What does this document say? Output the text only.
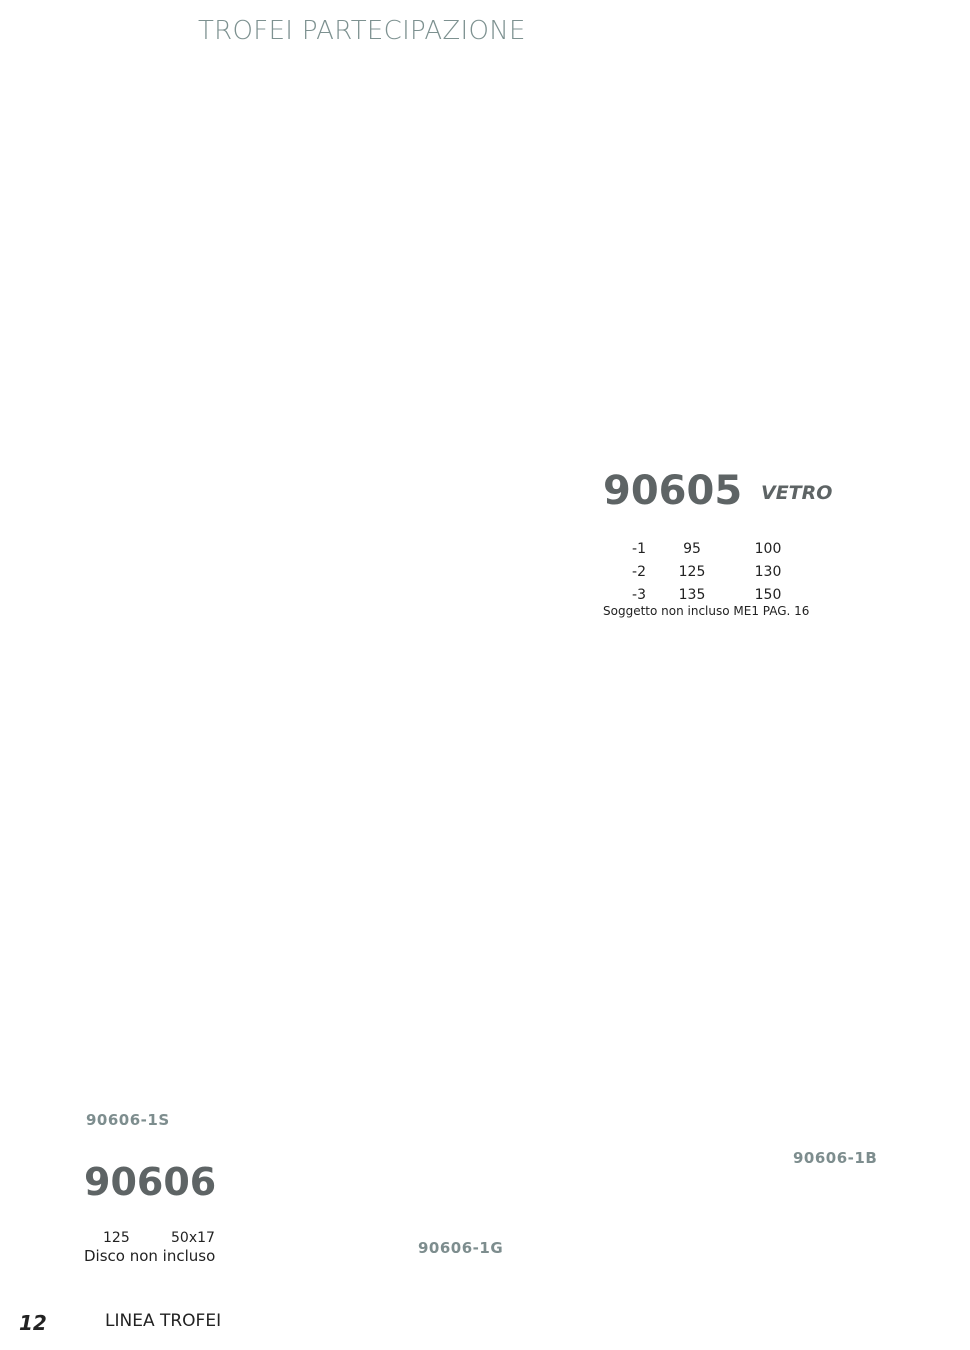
TROFEI PARTECIPAZIONE
90605 VETRO
-1	95	100
-2	125	130
-3	135	150
Soggetto non incluso ME1 PAG. 16
90606-1S
90606-1B
90606
125	50x17
Disco non incluso	90606-1G
12	LINEA TROFEI
